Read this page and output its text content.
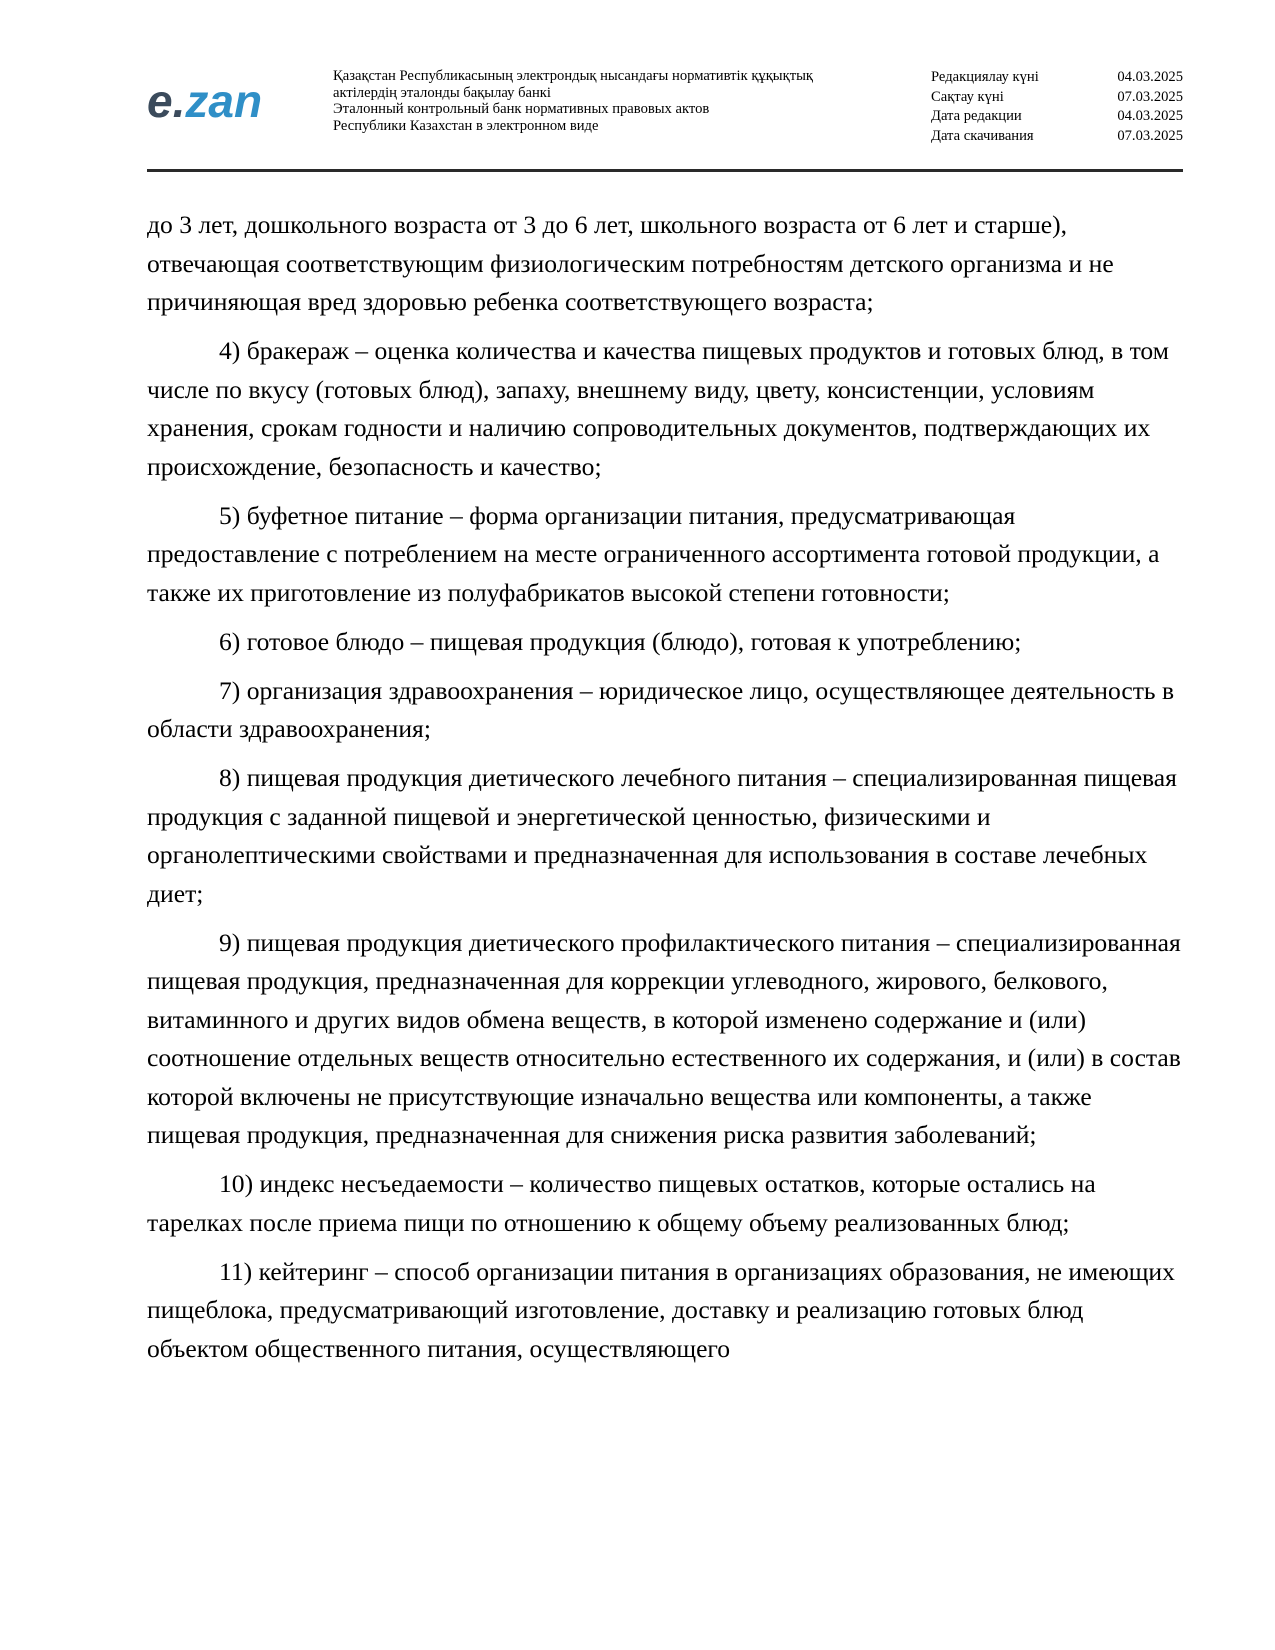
e.zan	Қазақстан Республикасының электрондық нысандағы нормативтік құқықтық
актілердің эталонды бақылау банкі
Эталонный контрольный банк нормативных правовых актов
Республики Казахстан в электронном виде
Редакциялау күні	04.03.2025
Сақтау күні	07.03.2025
Дата редакции	04.03.2025
Дата скачивания	07.03.2025

до 3 лет, дошкольного возраста от 3 до 6 лет, школьного возраста от 6 лет и старше), отвечающая соответствующим физиологическим потребностям детского организма и не причиняющая вред здоровью ребенка соответствующего возраста;

4) бракераж – оценка количества и качества пищевых продуктов и готовых блюд, в том числе по вкусу (готовых блюд), запаху, внешнему виду, цвету, консистенции, условиям хранения, срокам годности и наличию сопроводительных документов, подтверждающих их происхождение, безопасность и качество;

5) буфетное питание – форма организации питания, предусматривающая предоставление с потреблением на месте ограниченного ассортимента готовой продукции, а также их приготовление из полуфабрикатов высокой степени готовности;

6) готовое блюдо – пищевая продукция (блюдо), готовая к употреблению;

7) организация здравоохранения – юридическое лицо, осуществляющее деятельность в области здравоохранения;

8) пищевая продукция диетического лечебного питания – специализированная пищевая продукция с заданной пищевой и энергетической ценностью, физическими и органолептическими свойствами и предназначенная для использования в составе лечебных диет;

9) пищевая продукция диетического профилактического питания – специализированная пищевая продукция, предназначенная для коррекции углеводного, жирового, белкового, витаминного и других видов обмена веществ, в которой изменено содержание и (или) соотношение отдельных веществ относительно естественного их содержания, и (или) в состав которой включены не присутствующие изначально вещества или компоненты, а также пищевая продукция, предназначенная для снижения риска развития заболеваний;

10) индекс несъедаемости – количество пищевых остатков, которые остались на тарелках после приема пищи по отношению к общему объему реализованных блюд;

11) кейтеринг – способ организации питания в организациях образования, не имеющих пищеблока, предусматривающий изготовление, доставку и реализацию готовых блюд объектом общественного питания, осуществляющего
